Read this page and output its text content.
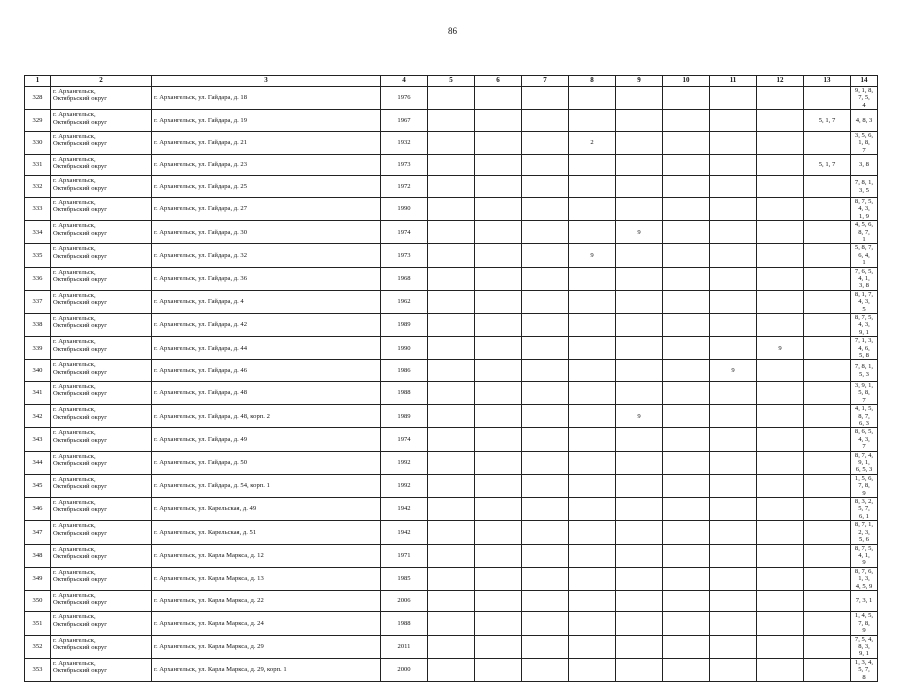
86
1	2	3	4	5	6	7	8	9	10	11	12	13	14
328	г. Архангельск,
Октябрьский округ	г. Архангельск, ул. Гайдара, д. 18	1976										9, 1, 8, 7, 5,
4
329	г. Архангельск,
Октябрьский округ	г. Архангельск, ул. Гайдара, д. 19	1967									5, 1, 7	4, 8, 3
330	г. Архангельск,
Октябрьский округ	г. Архангельск, ул. Гайдара, д. 21	1932				2						3, 5, 6, 1, 8,
7
331	г. Архангельск,
Октябрьский округ	г. Архангельск, ул. Гайдара, д. 23	1973									5, 1, 7	3, 8
332	г. Архангельск,
Октябрьский округ	г. Архангельск, ул. Гайдара, д. 25	1972										7, 8, 1, 3, 5
333	г. Архангельск,
Октябрьский округ	г. Архангельск, ул. Гайдара, д. 27	1990										8, 7, 5, 4, 3,
1, 9
334	г. Архангельск,
Октябрьский округ	г. Архангельск, ул. Гайдара, д. 30	1974					9					4, 5, 6, 8, 7,
1
335	г. Архангельск,
Октябрьский округ	г. Архангельск, ул. Гайдара, д. 32	1973				9						5, 8, 7, 6, 4,
1
336	г. Архангельск,
Октябрьский округ	г. Архангельск, ул. Гайдара, д. 36	1968										7, 6, 5, 4, 1,
3, 8
337	г. Архангельск,
Октябрьский округ	г. Архангельск, ул. Гайдара, д. 4	1962										8, 1, 7, 4, 3,
5
338	г. Архангельск,
Октябрьский округ	г. Архангельск, ул. Гайдара, д. 42	1989										8, 7, 5, 4, 3,
9, 1
339	г. Архангельск,
Октябрьский округ	г. Архангельск, ул. Гайдара, д. 44	1990								9		7, 1, 3, 4, 6,
5, 8
340	г. Архангельск,
Октябрьский округ	г. Архангельск, ул. Гайдара, д. 46	1986							9			7, 8, 1, 5, 3
341	г. Архангельск,
Октябрьский округ	г. Архангельск, ул. Гайдара, д. 48	1988										3, 9, 1, 5, 8,
7
342	г. Архангельск,
Октябрьский округ	г. Архангельск, ул. Гайдара, д. 48, корп. 2	1989					9					4, 1, 5, 8, 7,
6, 3
343	г. Архангельск,
Октябрьский округ	г. Архангельск, ул. Гайдара, д. 49	1974										8, 6, 5, 4, 3,
7
344	г. Архангельск,
Октябрьский округ	г. Архангельск, ул. Гайдара, д. 50	1992										8, 7, 4, 9, 1,
6, 5, 3
345	г. Архангельск,
Октябрьский округ	г. Архангельск, ул. Гайдара, д. 54, корп. 1	1992										1, 5, 6, 7, 8,
9
346	г. Архангельск,
Октябрьский округ	г. Архангельск, ул. Карельская, д. 49	1942										8, 3, 2, 5, 7,
6, 1
347	г. Архангельск,
Октябрьский округ	г. Архангельск, ул. Карельская, д. 51	1942										8, 7, 1, 2, 3,
5, 6
348	г. Архангельск,
Октябрьский округ	г. Архангельск, ул. Карла Маркса, д. 12	1971										8, 7, 5, 4, 1,
9
349	г. Архангельск,
Октябрьский округ	г. Архангельск, ул. Карла Маркса, д. 13	1985										8, 7, 6, 1, 3,
4, 5, 9
350	г. Архангельск,
Октябрьский округ	г. Архангельск, ул. Карла Маркса, д. 22	2006										7, 3, 1
351	г. Архангельск,
Октябрьский округ	г. Архангельск, ул. Карла Маркса, д. 24	1988										1, 4, 5, 7, 8,
9
352	г. Архангельск,
Октябрьский округ	г. Архангельск, ул. Карла Маркса, д. 29	2011										7, 5, 4, 8, 3,
9, 1
353	г. Архангельск,
Октябрьский округ	г. Архангельск, ул. Карла Маркса, д. 29, корп. 1	2000										1, 3, 4, 5, 7,
8
